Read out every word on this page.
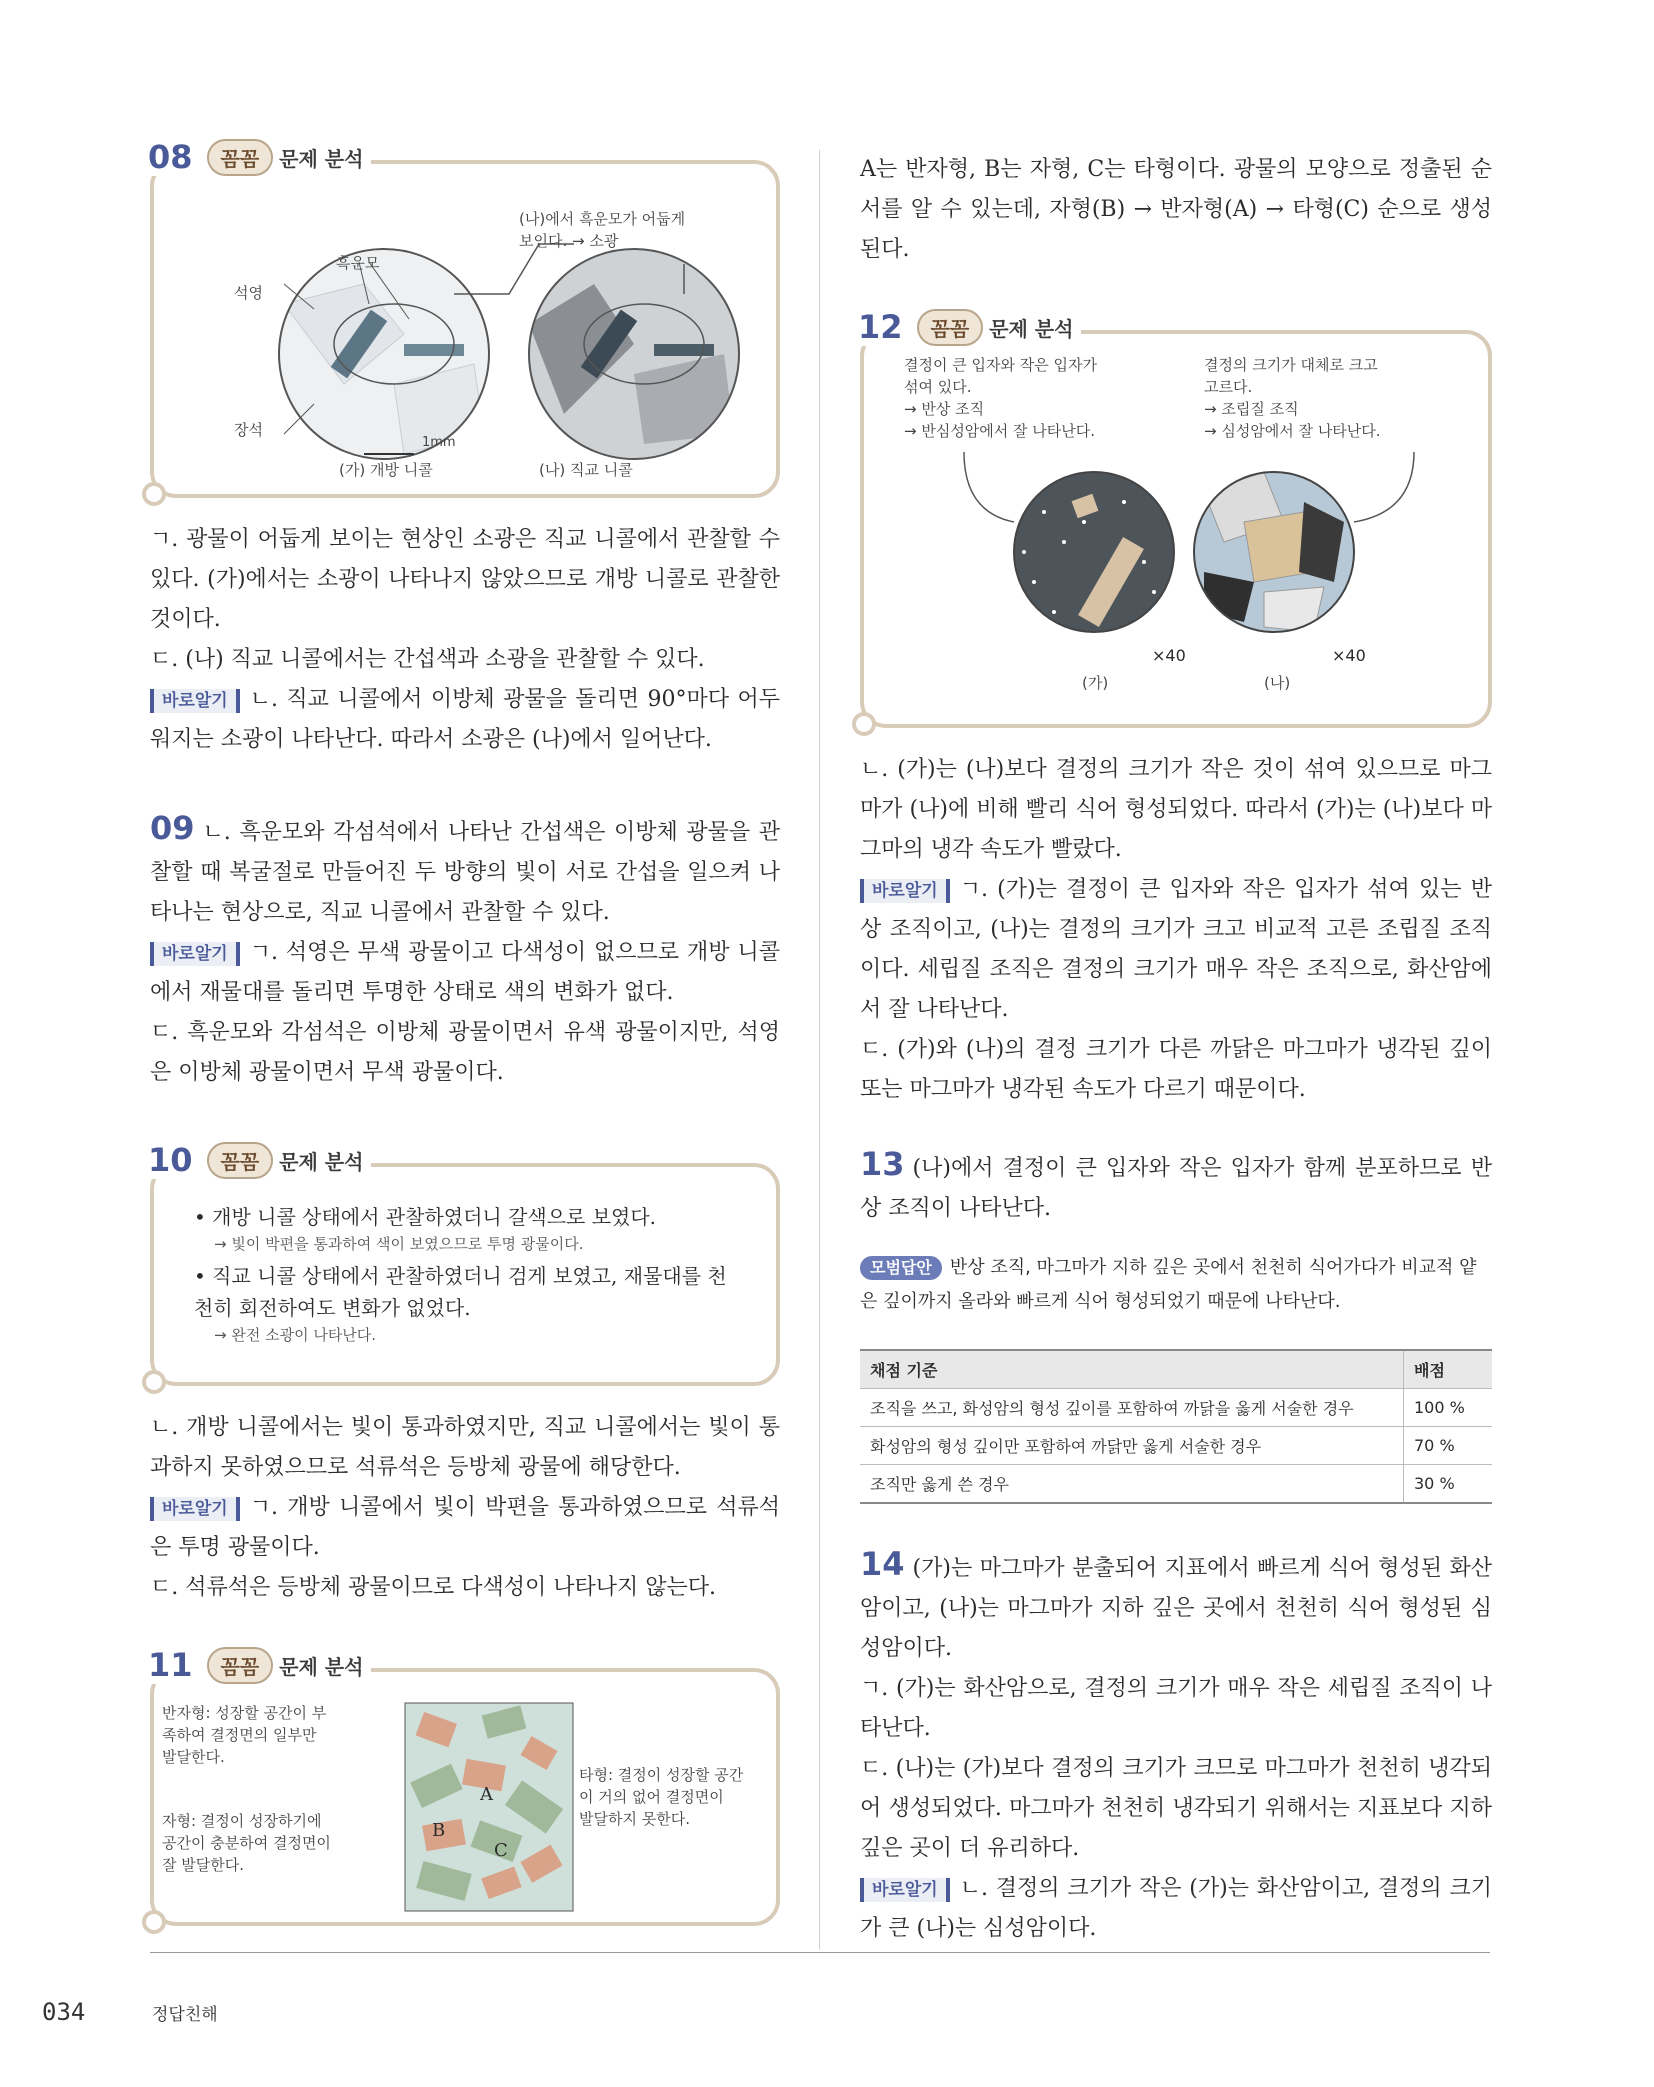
08	꼼꼼	문제 분석
흑운모
석영
장석
1mm
(가) 개방 니콜	(나) 직교 니콜
(나)에서 흑운모가 어둡게
보인다. → 소광

ㄱ. 광물이 어둡게 보이는 현상인 소광은 직교 니콜에서 관찰할 수 있다. (가)에서는 소광이 나타나지 않았으므로 개방 니콜로 관찰한 것이다.

ㄷ. (나) 직교 니콜에서는 간섭색과 소광을 관찰할 수 있다.

바로알기 ㄴ. 직교 니콜에서 이방체 광물을 돌리면 90°마다 어두워지는 소광이 나타난다. 따라서 소광은 (나)에서 일어난다.

09 ㄴ. 흑운모와 각섬석에서 나타난 간섭색은 이방체 광물을 관찰할 때 복굴절로 만들어진 두 방향의 빛이 서로 간섭을 일으켜 나타나는 현상으로, 직교 니콜에서 관찰할 수 있다.

바로알기 ㄱ. 석영은 무색 광물이고 다색성이 없으므로 개방 니콜에서 재물대를 돌리면 투명한 상태로 색의 변화가 없다.

ㄷ. 흑운모와 각섬석은 이방체 광물이면서 유색 광물이지만, 석영은 이방체 광물이면서 무색 광물이다.

10	꼼꼼	문제 분석
• 개방 니콜 상태에서 관찰하였더니 갈색으로 보였다.
→ 빛이 박편을 통과하여 색이 보였으므로 투명 광물이다.
• 직교 니콜 상태에서 관찰하였더니 검게 보였고, 재물대를 천천히 회전하여도 변화가 없었다.
→ 완전 소광이 나타난다.

ㄴ. 개방 니콜에서는 빛이 통과하였지만, 직교 니콜에서는 빛이 통과하지 못하였으므로 석류석은 등방체 광물에 해당한다.

바로알기 ㄱ. 개방 니콜에서 빛이 박편을 통과하였으므로 석류석은 투명 광물이다.

ㄷ. 석류석은 등방체 광물이므로 다색성이 나타나지 않는다.

11	꼼꼼	문제 분석
반자형: 성장할 공간이 부
족하여 결정면의 일부만
발달한다.
자형: 결정이 성장하기에
공간이 충분하여 결정면이
잘 발달한다.
타형: 결정이 성장할 공간
이 거의 없어 결정면이
발달하지 못한다.
A
B
C

A는 반자형, B는 자형, C는 타형이다. 광물의 모양으로 정출된 순서를 알 수 있는데, 자형(B) → 반자형(A) → 타형(C) 순으로 생성된다.

12	꼼꼼	문제 분석
결정이 큰 입자와 작은 입자가
섞여 있다.
→ 반상 조직
→ 반심성암에서 잘 나타난다.
결정의 크기가 대체로 크고
고르다.
→ 조립질 조직
→ 심성암에서 잘 나타난다.
×40	×40
(가)	(나)

ㄴ. (가)는 (나)보다 결정의 크기가 작은 것이 섞여 있으므로 마그마가 (나)에 비해 빨리 식어 형성되었다. 따라서 (가)는 (나)보다 마그마의 냉각 속도가 빨랐다.

바로알기 ㄱ. (가)는 결정이 큰 입자와 작은 입자가 섞여 있는 반상 조직이고, (나)는 결정의 크기가 크고 비교적 고른 조립질 조직이다. 세립질 조직은 결정의 크기가 매우 작은 조직으로, 화산암에서 잘 나타난다.

ㄷ. (가)와 (나)의 결정 크기가 다른 까닭은 마그마가 냉각된 깊이 또는 마그마가 냉각된 속도가 다르기 때문이다.

13 (나)에서 결정이 큰 입자와 작은 입자가 함께 분포하므로 반상 조직이 나타난다.

모범답안 반상 조직, 마그마가 지하 깊은 곳에서 천천히 식어가다가 비교적 얕은 깊이까지 올라와 빠르게 식어 형성되었기 때문에 나타난다.

채점 기준	배점
조직을 쓰고, 화성암의 형성 깊이를 포함하여 까닭을 옳게 서술한 경우	100 %
화성암의 형성 깊이만 포함하여 까닭만 옳게 서술한 경우	70 %
조직만 옳게 쓴 경우	30 %

14 (가)는 마그마가 분출되어 지표에서 빠르게 식어 형성된 화산암이고, (나)는 마그마가 지하 깊은 곳에서 천천히 식어 형성된 심성암이다.

ㄱ. (가)는 화산암으로, 결정의 크기가 매우 작은 세립질 조직이 나타난다.

ㄷ. (나)는 (가)보다 결정의 크기가 크므로 마그마가 천천히 냉각되어 생성되었다. 마그마가 천천히 냉각되기 위해서는 지표보다 지하 깊은 곳이 더 유리하다.

바로알기 ㄴ. 결정의 크기가 작은 (가)는 화산암이고, 결정의 크기가 큰 (나)는 심성암이다.

034	정답친해
